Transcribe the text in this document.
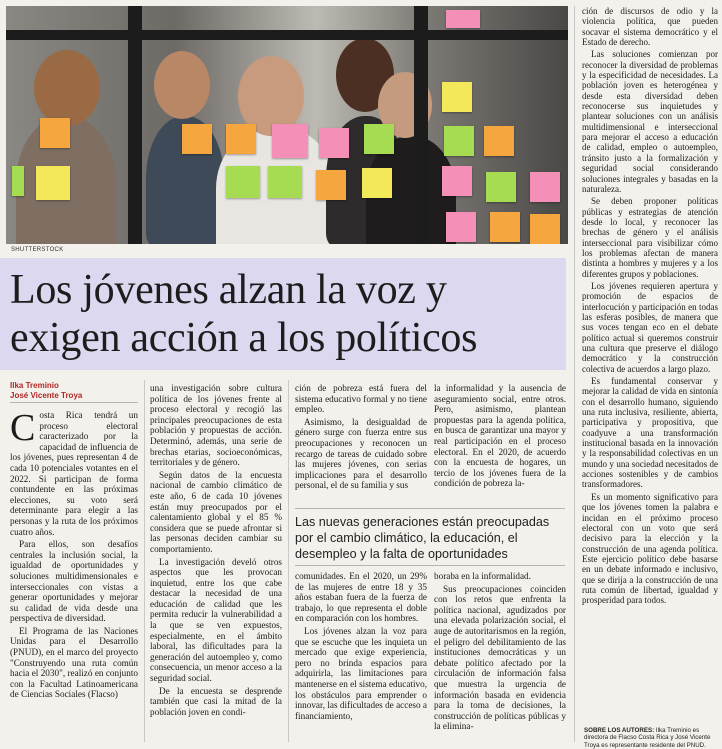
SHUTTERSTOCK
Los jóvenes alzan la voz y exigen acción a los políticos
Ilka Treminio
José Vicente Troya

Costa Rica tendrá un proceso electoral caracterizado por la capacidad de influencia de los jóvenes, pues representan 4 de cada 10 potenciales votantes en el 2022. Si participan de forma contundente en las próximas elecciones, su voto será determinante para elegir a las personas y la ruta de los próximos cuatro años.

Para ellos, son desafíos centrales la inclusión social, la igualdad de oportunidades y soluciones multidimensionales e interseccionales con vistas a generar oportunidades y mejorar su calidad de vida desde una perspectiva de diversidad.

El Programa de las Naciones Unidas para el Desarrollo (PNUD), en el marco del proyecto "Construyendo una ruta común hacia el 2030", realizó en conjunto con la Facultad Latinoamericana de Ciencias Sociales (Flacso)

una investigación sobre cultura política de los jóvenes frente al proceso electoral y recogió las principales preocupaciones de esta población y propuestas de acción. Determinó, además, una serie de brechas etarias, socioeconómicas, territoriales y de género.

Según datos de la encuesta nacional de cambio climático de este año, 6 de cada 10 jóvenes están muy preocupados por el calentamiento global y el 85 % considera que se puede afrontar si las personas deciden cambiar su comportamiento.

La investigación develó otros aspectos que les provocan inquietud, entre los que cabe destacar la necesidad de una educación de calidad que les permita reducir la vulnerabilidad a la que se ven expuestos, especialmente, en el ámbito laboral, las dificultades para la generación del autoempleo y, como consecuencia, un menor acceso a la seguridad social.

De la encuesta se desprende también que casi la mitad de la población joven en condi-

ción de pobreza está fuera del sistema educativo formal y no tiene empleo.

Asimismo, la desigualdad de género surge con fuerza entre sus preocupaciones y reconocen un recargo de tareas de cuidado sobre las mujeres jóvenes, con serias implicaciones para el desarrollo personal, el de su familia y sus

la informalidad y la ausencia de aseguramiento social, entre otros. Pero, asimismo, plantean propuestas para la agenda política, en busca de garantizar una mayor y real participación en el proceso electoral. En el 2020, de acuerdo con la encuesta de hogares, un tercio de los jóvenes fuera de la condición de pobreza la-

Las nuevas generaciones están preocupadas por el cambio climático, la educación, el desempleo y la falta de oportunidades

comunidades. En el 2020, un 29% de las mujeres de entre 18 y 35 años estaban fuera de la fuerza de trabajo, lo que representa el doble en comparación con los hombres.

Los jóvenes alzan la voz para que se escuche que les inquieta un mercado que exige experiencia, pero no brinda espacios para adquirirla, las limitaciones para mantenerse en el sistema educativo, los obstáculos para emprender o innovar, las dificultades de acceso a financiamiento,

boraba en la informalidad.

Sus preocupaciones coinciden con los retos que enfrenta la política nacional, agudizados por una elevada polarización social, el auge de autoritarismos en la región, el peligro del debilitamiento de las instituciones democráticas y un debate político afectado por la circulación de información falsa que muestra la urgencia de información basada en evidencia para la toma de decisiones, la construcción de políticas públicas y la elimina-

ción de discursos de odio y la violencia política, que pueden socavar el sistema democrático y el Estado de derecho.

Las soluciones comienzan por reconocer la diversidad de problemas y la especificidad de necesidades. La población joven es heterogénea y desde esta diversidad deben reconocerse sus inquietudes y plantear soluciones con un análisis multidimensional e interseccional para mejorar el acceso a educación de calidad, empleo o autoempleo, tránsito justo a la formalización y seguridad social considerando soluciones integrales y basadas en la naturaleza.

Se deben proponer políticas públicas y estrategias de atención desde lo local, y reconocer las brechas de género y el análisis interseccional para visibilizar cómo los problemas afectan de manera distinta a hombres y mujeres y a los diferentes grupos y poblaciones.

Los jóvenes requieren apertura y promoción de espacios de interlocución y participación en todas las esferas posibles, de manera que sus voces tengan eco en el debate político actual si queremos construir una cultura que preserve el diálogo democrático y la construcción colectiva de acuerdos a largo plazo.

Es fundamental conservar y mejorar la calidad de vida en sintonía con el desarrollo humano, siguiendo una ruta inclusiva, resiliente, abierta, participativa y propositiva, que coadyuve a una transformación institucional basada en la innovación y la responsabilidad colectivas en un mundo y una sociedad necesitados de acciones sostenibles y de cambios transformadores.

Es un momento significativo para que los jóvenes tomen la palabra e incidan en el próximo proceso electoral con un voto que será decisivo para la elección y la construcción de una agenda política. Este ejercicio político debe basarse en un debate informado e inclusivo, que se dirija a la construcción de una ruta común de libertad, igualdad y prosperidad para todos.

SOBRE LOS AUTORES: Ilka Treminio es directora de Flacso Costa Rica y José Vicente Troya es representante residente del PNUD.
